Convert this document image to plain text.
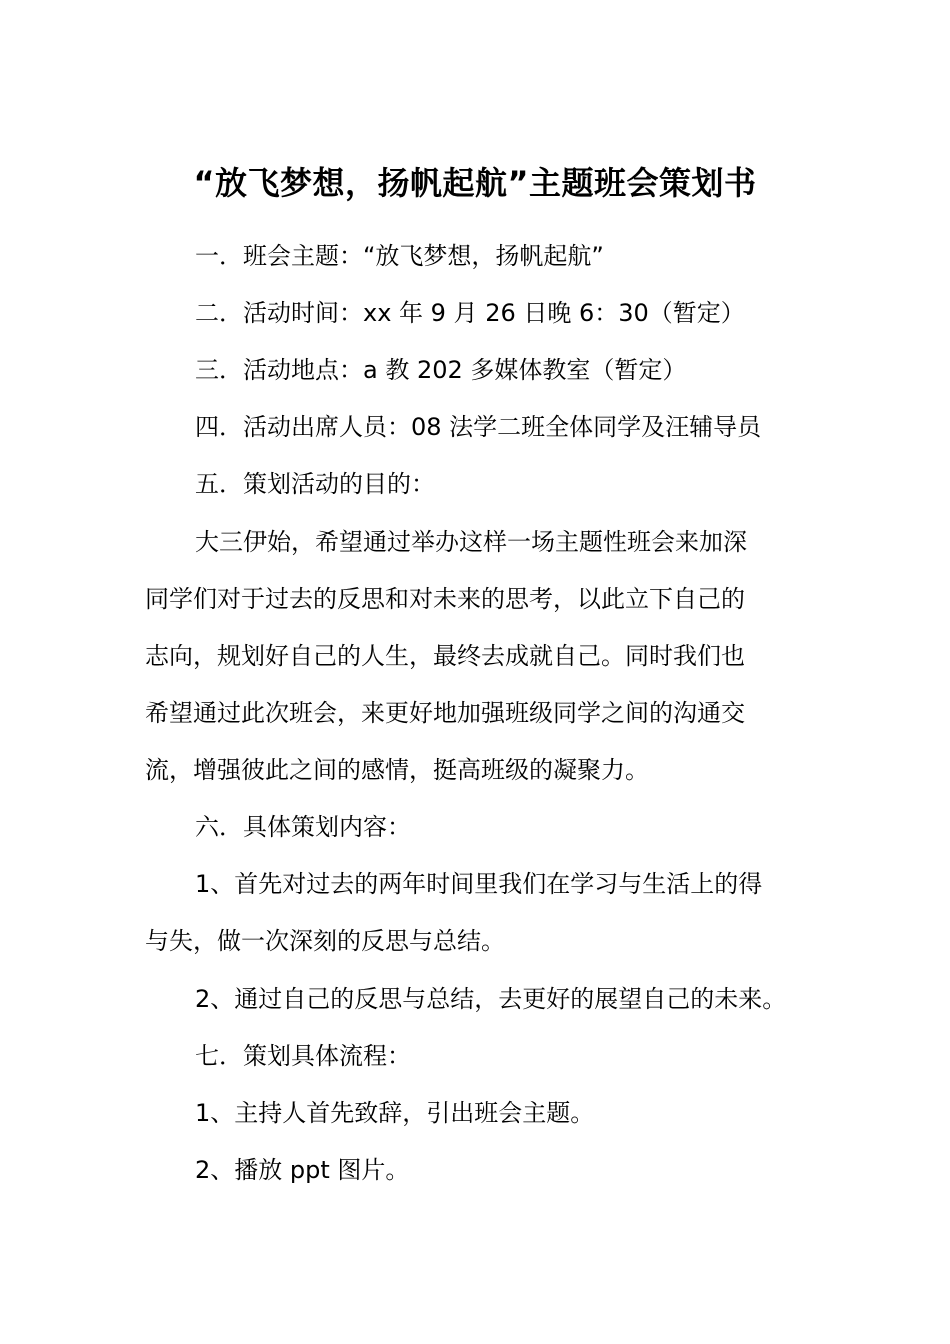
“放飞梦想，扬帆起航”主题班会策划书
一．班会主题：“放飞梦想，扬帆起航”
二．活动时间：xx 年 9 月 26 日晚 6：30（暂定）
三．活动地点：a 教 202 多媒体教室（暂定）
四．活动出席人员：08 法学二班全体同学及汪辅导员
五．策划活动的目的：
大三伊始，希望通过举办这样一场主题性班会来加深
同学们对于过去的反思和对未来的思考，以此立下自己的
志向，规划好自己的人生，最终去成就自己。同时我们也
希望通过此次班会，来更好地加强班级同学之间的沟通交
流，增强彼此之间的感情，挺高班级的凝聚力。
六．具体策划内容：
1、首先对过去的两年时间里我们在学习与生活上的得
与失，做一次深刻的反思与总结。
2、通过自己的反思与总结，去更好的展望自己的未来。
七．策划具体流程：
1、主持人首先致辞，引出班会主题。
2、播放 ppt 图片。
